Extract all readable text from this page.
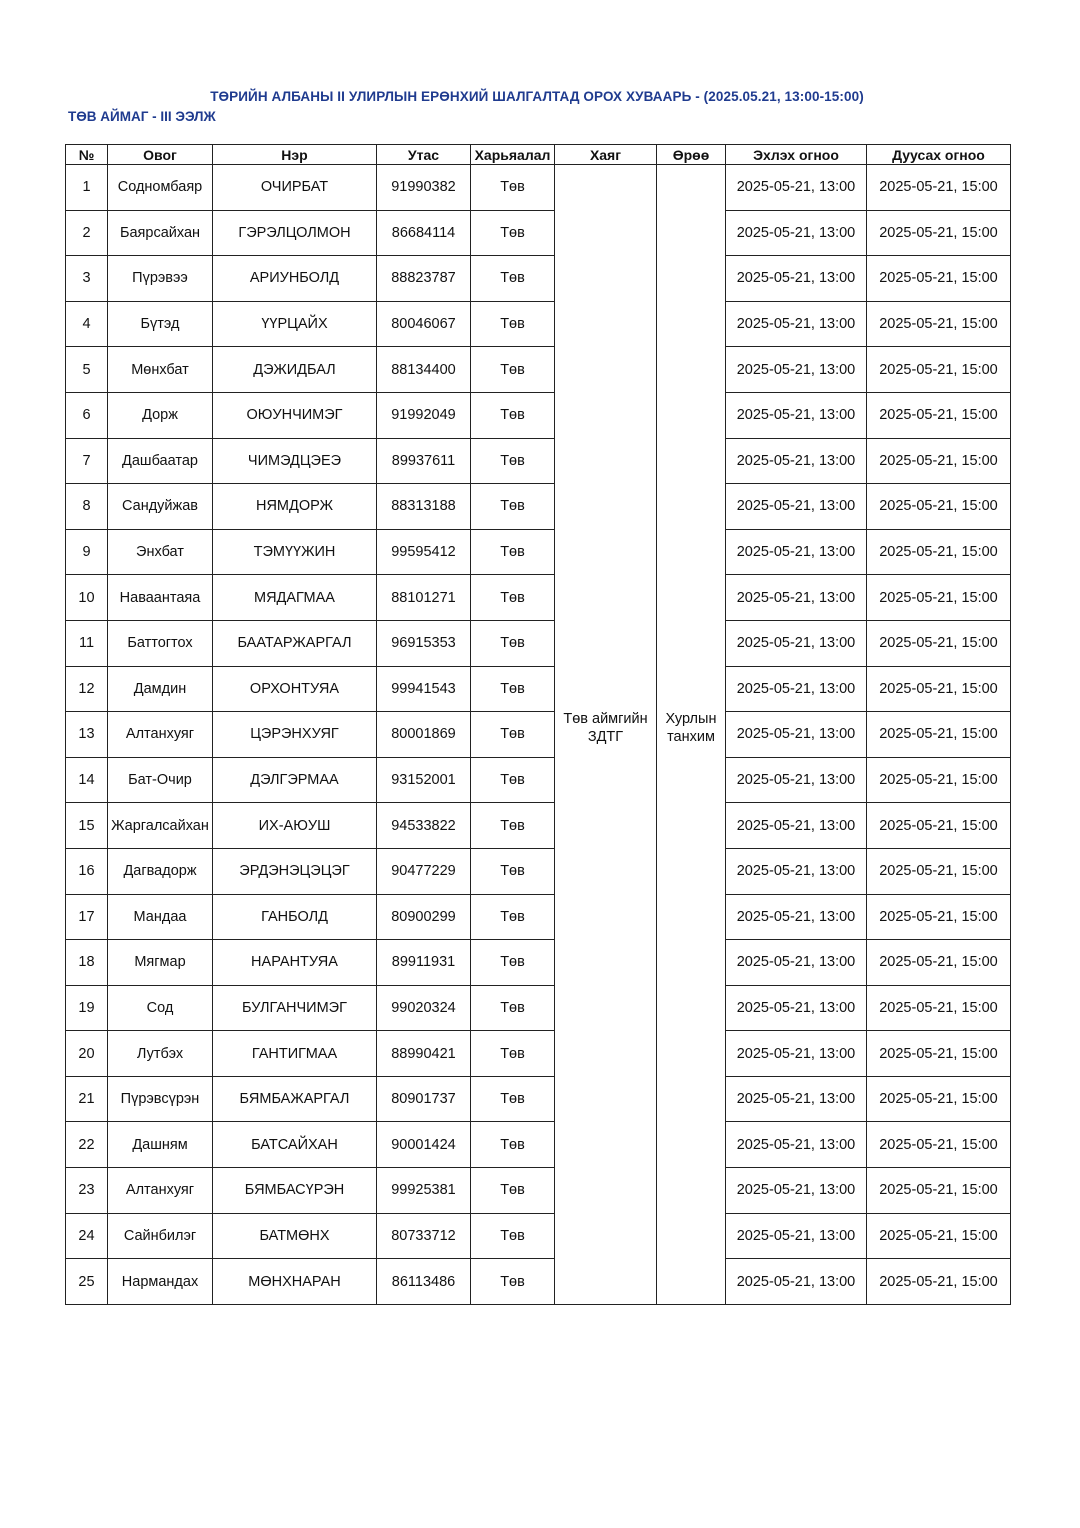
ТӨРИЙН АЛБАНЫ II УЛИРЛЫН ЕРӨНХИЙ ШАЛГАЛТАД ОРОХ ХУВААРЬ - (2025.05.21, 13:00-15:00)
ТӨВ АЙМАГ - III ЭЭЛЖ
№	Овог	Нэр	Утас	Харьяалал	Хаяг	Өрөө	Эхлэх огноо	Дуусах огноо
1	Содномбаяр	ОЧИРБАТ	91990382	Төв	Төв аймгийн ЗДТГ	Хурлын танхим	2025-05-21, 13:00	2025-05-21, 15:00
2	Баярсайхан	ГЭРЭЛЦОЛМОН	86684114	Төв			2025-05-21, 13:00	2025-05-21, 15:00
3	Пүрэвээ	АРИУНБОЛД	88823787	Төв			2025-05-21, 13:00	2025-05-21, 15:00
4	Бүтэд	ҮҮРЦАЙХ	80046067	Төв			2025-05-21, 13:00	2025-05-21, 15:00
5	Мөнхбат	ДЭЖИДБАЛ	88134400	Төв			2025-05-21, 13:00	2025-05-21, 15:00
6	Дорж	ОЮУНЧИМЭГ	91992049	Төв			2025-05-21, 13:00	2025-05-21, 15:00
7	Дашбаатар	ЧИМЭДЦЭЕЭ	89937611	Төв			2025-05-21, 13:00	2025-05-21, 15:00
8	Сандуйжав	НЯМДОРЖ	88313188	Төв			2025-05-21, 13:00	2025-05-21, 15:00
9	Энхбат	ТЭМҮҮЖИН	99595412	Төв			2025-05-21, 13:00	2025-05-21, 15:00
10	Наваантаяа	МЯДАГМАА	88101271	Төв			2025-05-21, 13:00	2025-05-21, 15:00
11	Баттогтох	БААТАРЖАРГАЛ	96915353	Төв			2025-05-21, 13:00	2025-05-21, 15:00
12	Дамдин	ОРХОНТУЯА	99941543	Төв			2025-05-21, 13:00	2025-05-21, 15:00
13	Алтанхуяг	ЦЭРЭНХУЯГ	80001869	Төв			2025-05-21, 13:00	2025-05-21, 15:00
14	Бат-Очир	ДЭЛГЭРМАА	93152001	Төв			2025-05-21, 13:00	2025-05-21, 15:00
15	Жаргалсайхан	ИХ-АЮУШ	94533822	Төв			2025-05-21, 13:00	2025-05-21, 15:00
16	Дагвадорж	ЭРДЭНЭЦЭЦЭГ	90477229	Төв			2025-05-21, 13:00	2025-05-21, 15:00
17	Мандаа	ГАНБОЛД	80900299	Төв			2025-05-21, 13:00	2025-05-21, 15:00
18	Мягмар	НАРАНТУЯА	89911931	Төв			2025-05-21, 13:00	2025-05-21, 15:00
19	Сод	БУЛГАНЧИМЭГ	99020324	Төв			2025-05-21, 13:00	2025-05-21, 15:00
20	Лутбэх	ГАНТИГМАА	88990421	Төв			2025-05-21, 13:00	2025-05-21, 15:00
21	Пүрэвсүрэн	БЯМБАЖАРГАЛ	80901737	Төв			2025-05-21, 13:00	2025-05-21, 15:00
22	Дашням	БАТСАЙХАН	90001424	Төв			2025-05-21, 13:00	2025-05-21, 15:00
23	Алтанхуяг	БЯМБАСҮРЭН	99925381	Төв			2025-05-21, 13:00	2025-05-21, 15:00
24	Сайнбилэг	БАТМӨНХ	80733712	Төв			2025-05-21, 13:00	2025-05-21, 15:00
25	Нармандах	МӨНХНАРАН	86113486	Төв			2025-05-21, 13:00	2025-05-21, 15:00
